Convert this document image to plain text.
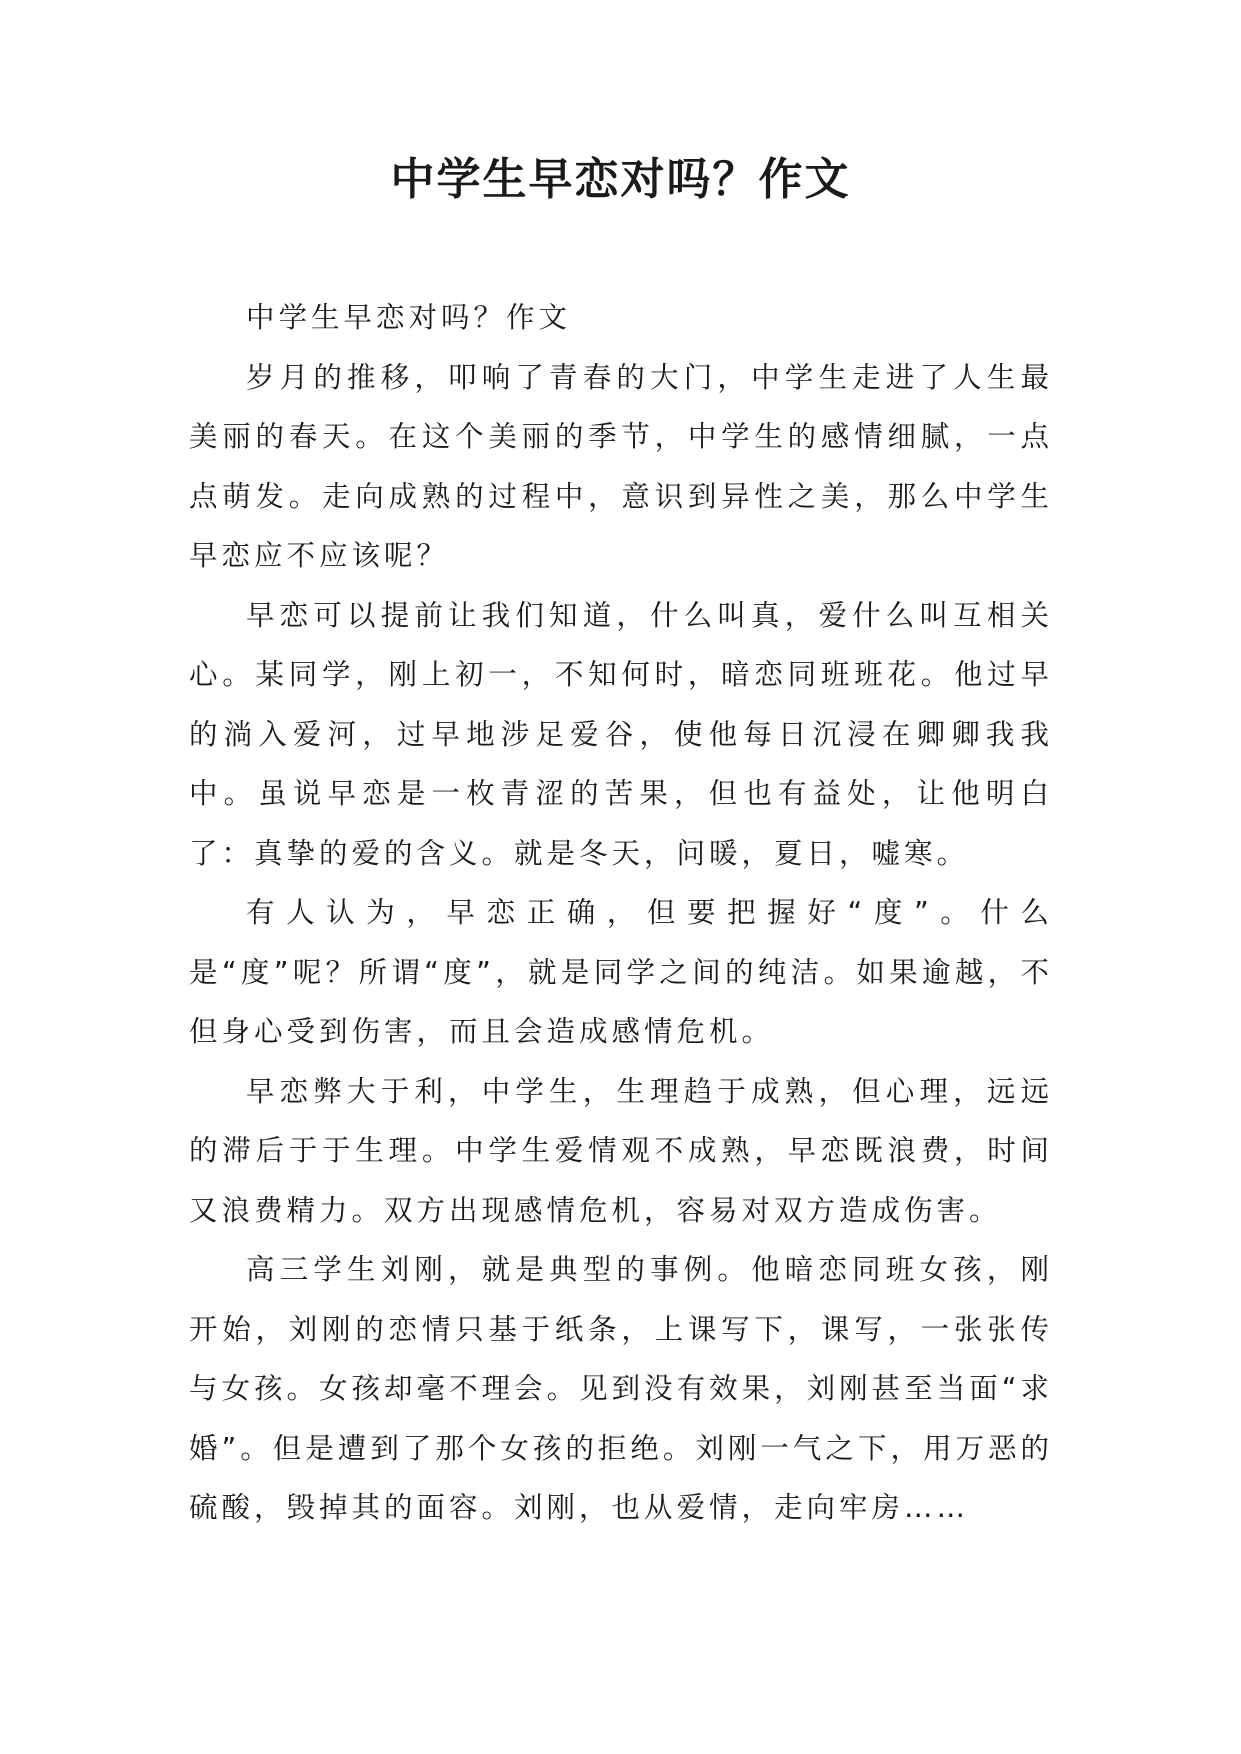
中学生早恋对吗？作文

中学生早恋对吗？作文

岁月的推移，叩响了青春的大门，中学生走进了人生最美丽的春天。在这个美丽的季节，中学生的感情细腻，一点点萌发。走向成熟的过程中，意识到异性之美，那么中学生早恋应不应该呢？

早恋可以提前让我们知道，什么叫真，爱什么叫互相关心。某同学，刚上初一，不知何时，暗恋同班班花。他过早的淌入爱河，过早地涉足爱谷，使他每日沉浸在卿卿我我中。虽说早恋是一枚青涩的苦果，但也有益处，让他明白了：真挚的爱的含义。就是冬天，问暖，夏日，嘘寒。

有人认为，早恋正确，但要把握好“度”。什么是“度”呢？所谓“度”，就是同学之间的纯洁。如果逾越，不但身心受到伤害，而且会造成感情危机。

早恋弊大于利，中学生，生理趋于成熟，但心理，远远的滞后于于生理。中学生爱情观不成熟，早恋既浪费，时间又浪费精力。双方出现感情危机，容易对双方造成伤害。

高三学生刘刚，就是典型的事例。他暗恋同班女孩，刚开始，刘刚的恋情只基于纸条，上课写下，课写，一张张传与女孩。女孩却毫不理会。见到没有效果，刘刚甚至当面“求婚”。但是遭到了那个女孩的拒绝。刘刚一气之下，用万恶的硫酸，毁掉其的面容。刘刚，也从爱情，走向牢房……
